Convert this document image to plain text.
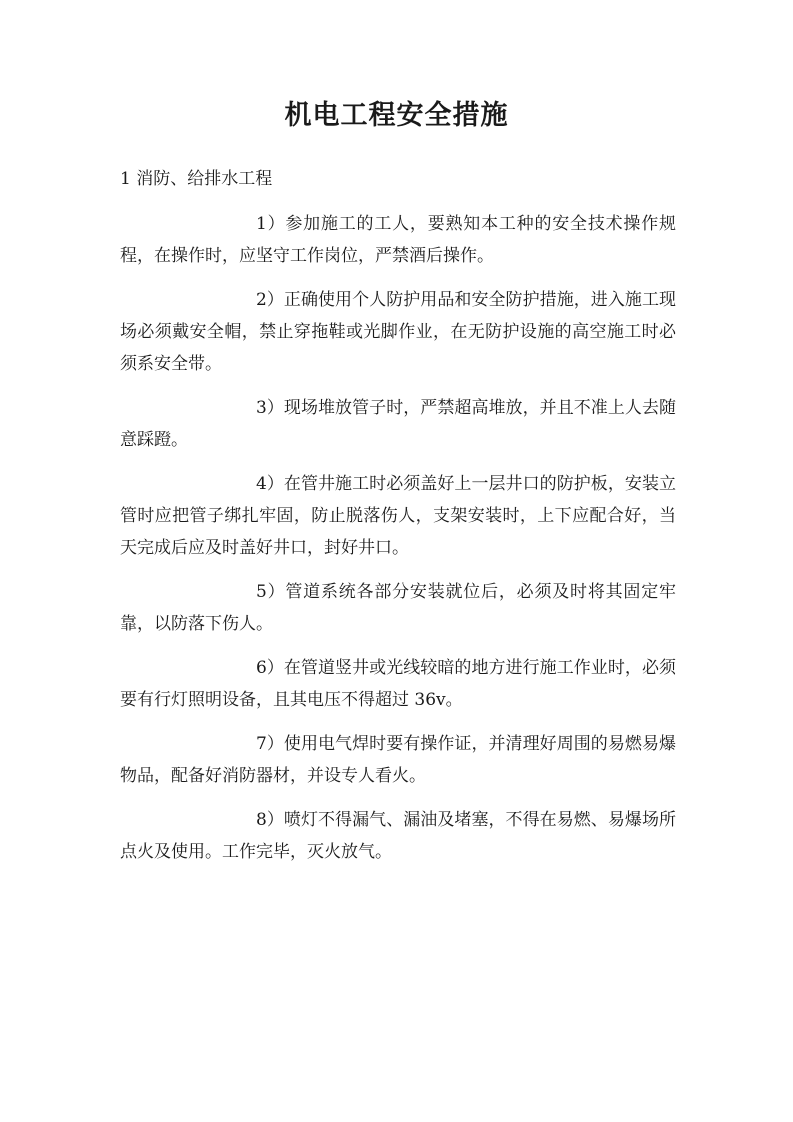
机电工程安全措施
1 消防、给排水工程

1）参加施工的工人，要熟知本工种的安全技术操作规程，在操作时，应坚守工作岗位，严禁酒后操作。

2）正确使用个人防护用品和安全防护措施，进入施工现场必须戴安全帽，禁止穿拖鞋或光脚作业，在无防护设施的高空施工时必须系安全带。

3）现场堆放管子时，严禁超高堆放，并且不准上人去随意踩蹬。

4）在管井施工时必须盖好上一层井口的防护板，安装立管时应把管子绑扎牢固，防止脱落伤人，支架安装时，上下应配合好，当天完成后应及时盖好井口，封好井口。

5）管道系统各部分安装就位后，必须及时将其固定牢靠，以防落下伤人。

6）在管道竖井或光线较暗的地方进行施工作业时，必须要有行灯照明设备，且其电压不得超过 36v。

7）使用电气焊时要有操作证，并清理好周围的易燃易爆物品，配备好消防器材，并设专人看火。

8）喷灯不得漏气、漏油及堵塞，不得在易燃、易爆场所点火及使用。工作完毕，灭火放气。
